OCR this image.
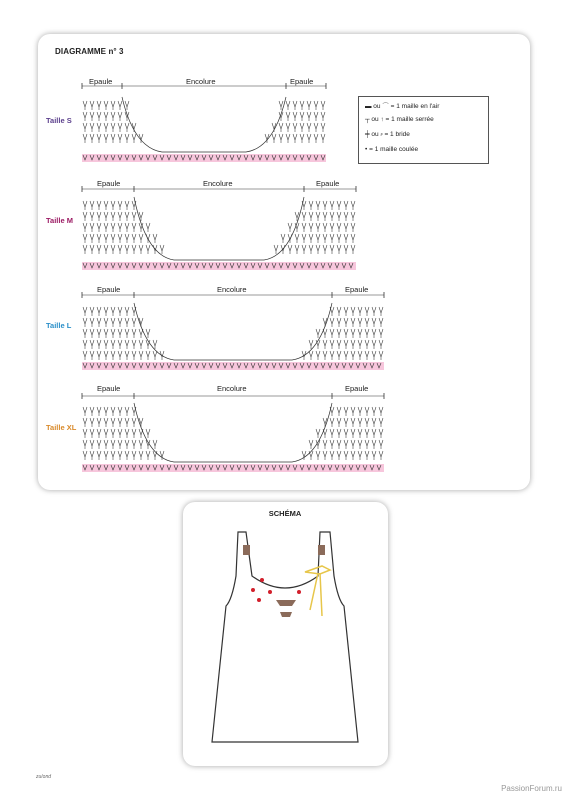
DIAGRAMME n° 3
Taille S
Taille M
Taille L
Taille XL
Epaule	Encolure	Epaule
Epaule	Encolure	Epaule
Epaule	Encolure	Epaule
Epaule	Encolure	Epaule
▬ ou ⌒ = 1 maille en l'air
┬ ou ↑ = 1 maille serrée
╪ ou ⸗ = 1 bride
• = 1 maille coulée
SCHÉMA
zu/ond
PassionForum.ru
